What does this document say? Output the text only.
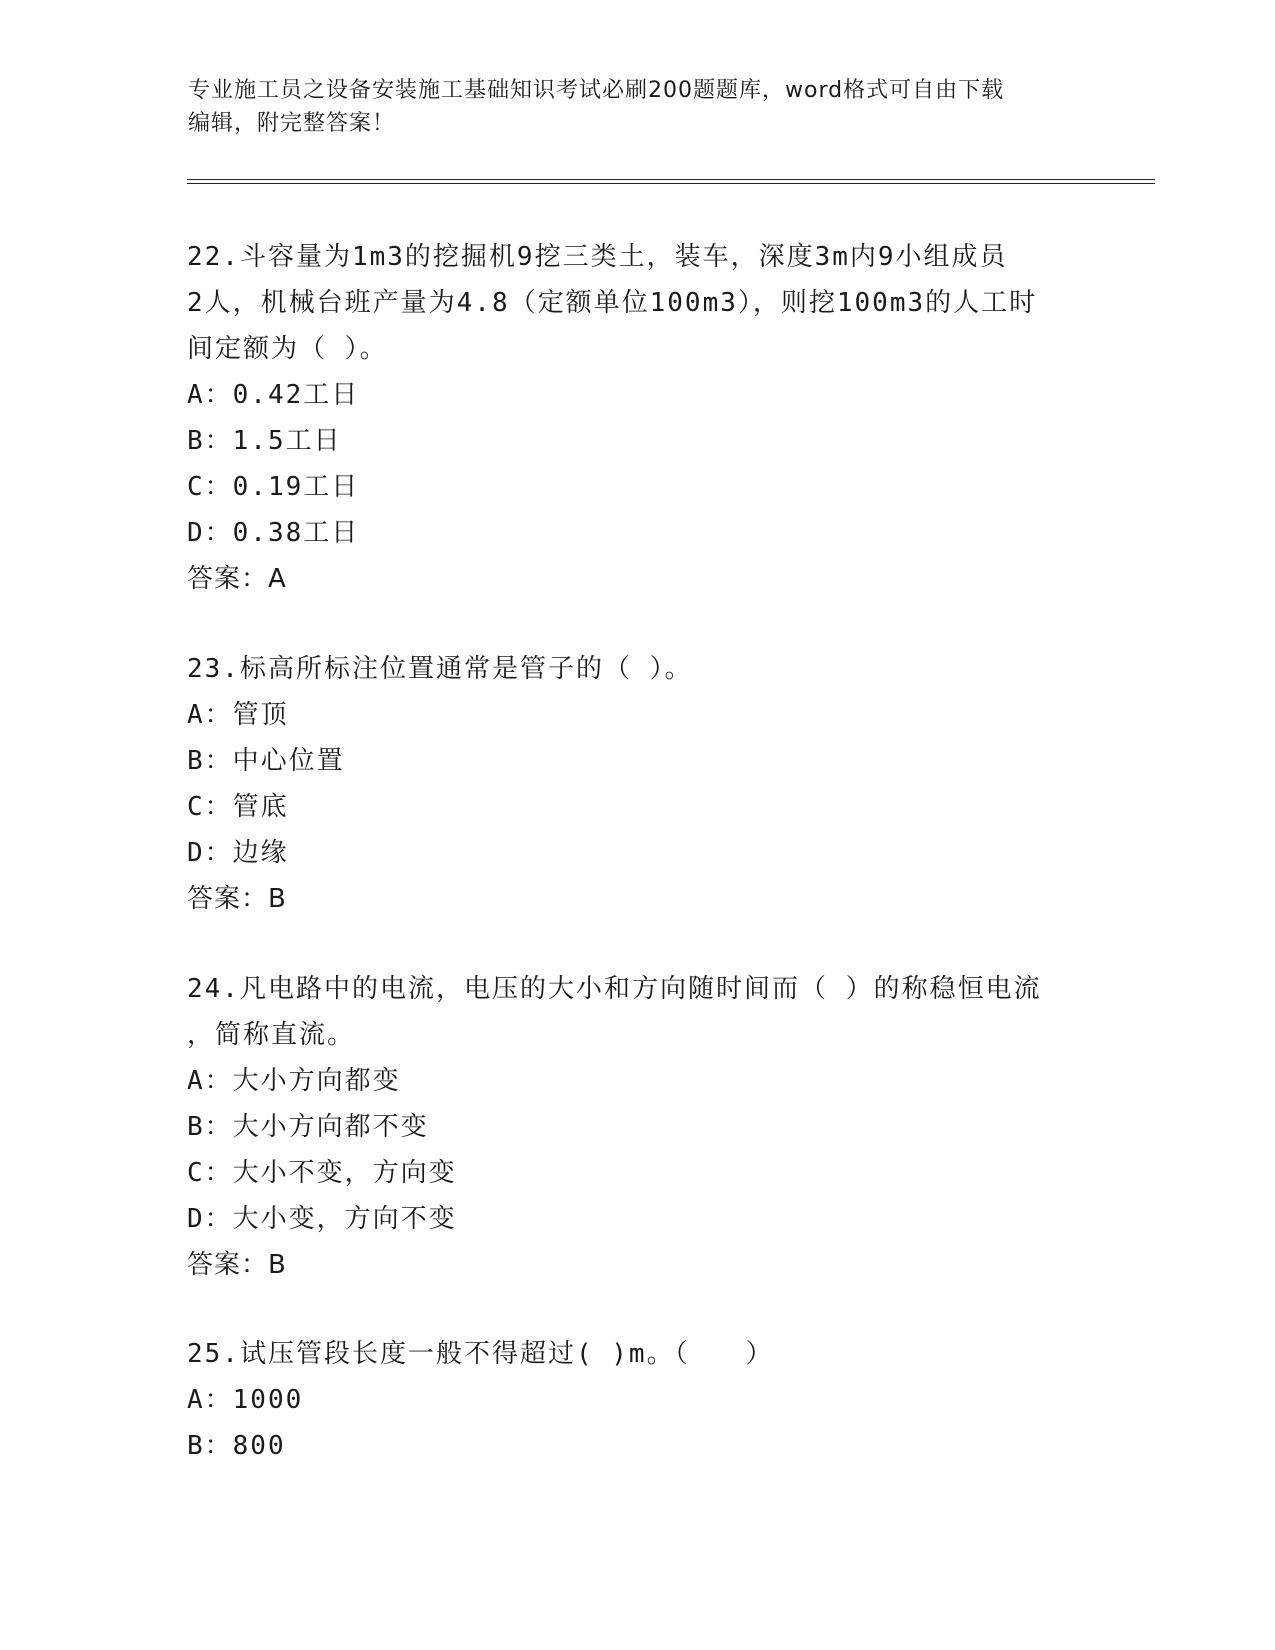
专业施工员之设备安装施工基础知识考试必刷200题题库，word格式可自由下载
编辑，附完整答案！

22.斗容量为1m3的挖掘机9挖三类土，装车，深度3m内9小组成员

2人，机械台班产量为4.8（定额单位100m3），则挖100m3的人工时

间定额为（ ）。

A：0.42工日

B：1.5工日

C：0.19工日

D：0.38工日

答案：A

23.标高所标注位置通常是管子的（ ）。

A：管顶

B：中心位置

C：管底

D：边缘

答案：B

24.凡电路中的电流，电压的大小和方向随时间而（ ）的称稳恒电流

，简称直流。

A：大小方向都变

B：大小方向都不变

C：大小不变，方向变

D：大小变，方向不变

答案：B

25.试压管段长度一般不得超过( )m。（　　）

A：1000

B：800
